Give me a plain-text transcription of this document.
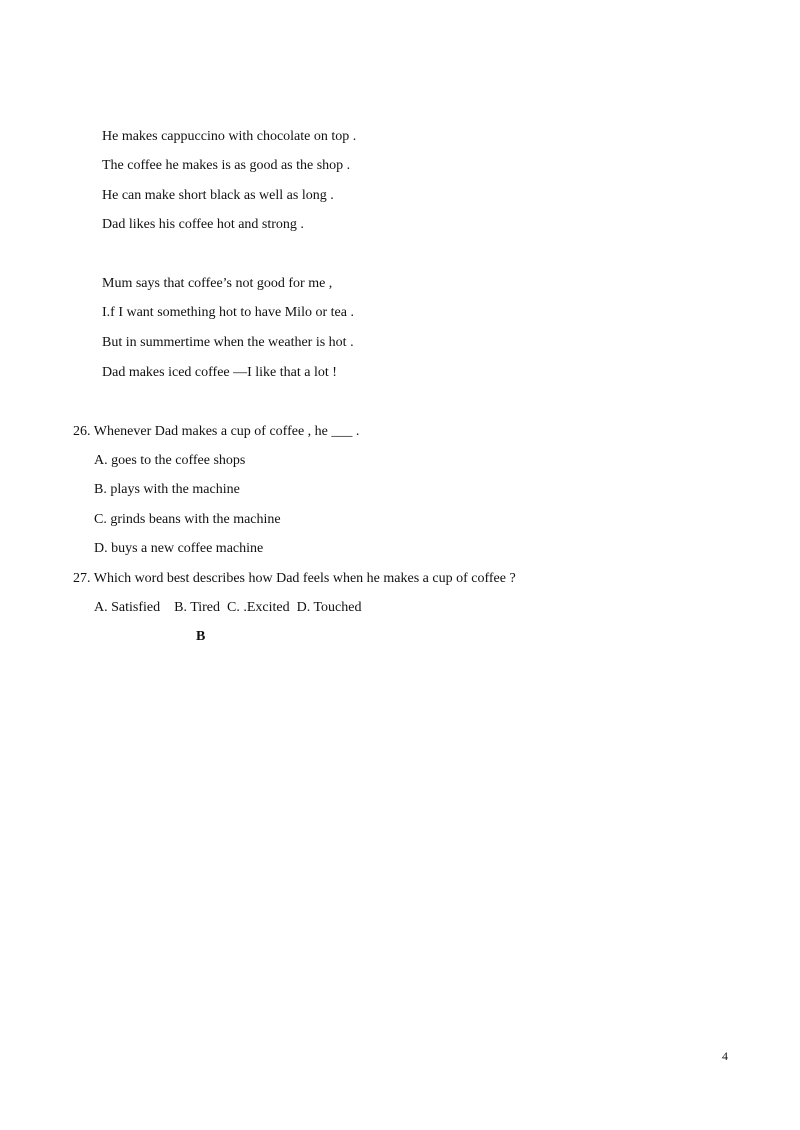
He makes cappuccino with chocolate on top .
The coffee he makes is as good as the shop .
He can make short black as well as long .
Dad likes his coffee hot and strong .
Mum says that coffee’s not good for me ,
I.f I want something hot to have Milo or tea .
But in summertime when the weather is hot .
Dad makes iced coffee —I like that a lot !
26. Whenever Dad makes a cup of coffee , he ___ .
A. goes to the coffee shops
B. plays with the machine
C. grinds beans with the machine
D. buys a new coffee machine
27. Which word best describes how Dad feels when he makes a cup of coffee ?
A. Satisfied    B. Tired  C. .Excited  D. Touched
B
4
